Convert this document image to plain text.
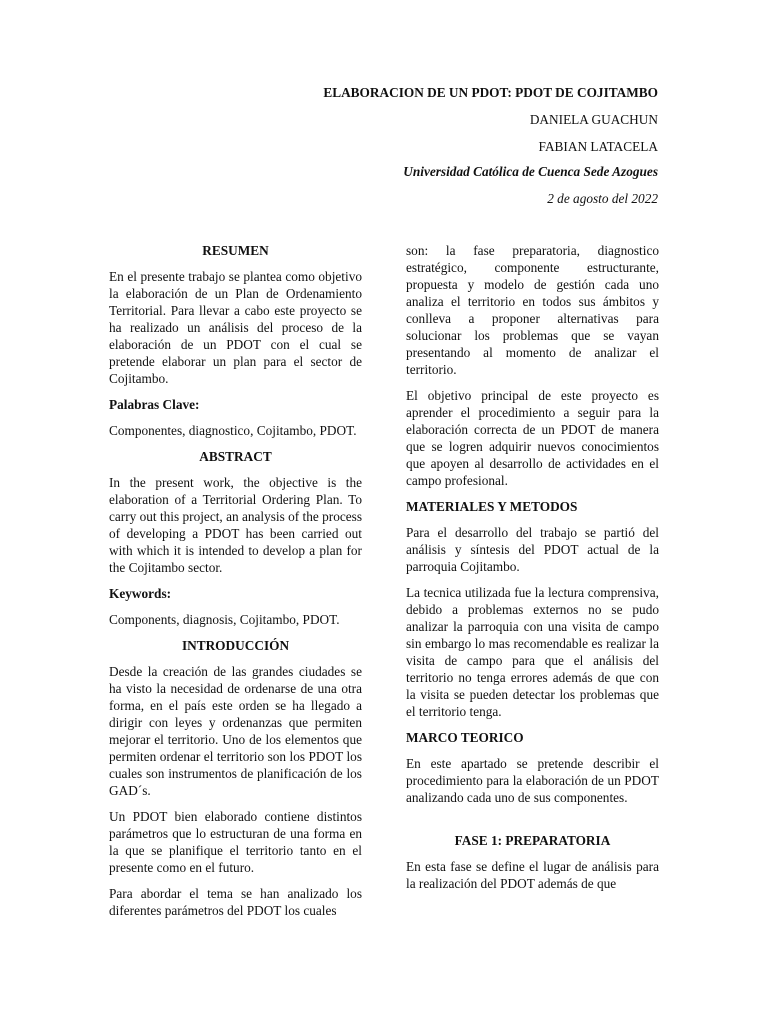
ELABORACION DE UN PDOT: PDOT DE COJITAMBO
DANIELA GUACHUN
FABIAN LATACELA
Universidad Católica de Cuenca Sede Azogues
2 de agosto del 2022

RESUMEN

En el presente trabajo se plantea como objetivo la elaboración de un Plan de Ordenamiento Territorial. Para llevar a cabo este proyecto se ha realizado un análisis del proceso de la elaboración de un PDOT con el cual se pretende elaborar un plan para el sector de Cojitambo.

Palabras Clave:

Componentes, diagnostico, Cojitambo, PDOT.

ABSTRACT

In the present work, the objective is the elaboration of a Territorial Ordering Plan. To carry out this project, an analysis of the process of developing a PDOT has been carried out with which it is intended to develop a plan for the Cojitambo sector.

Keywords:

Components, diagnosis, Cojitambo, PDOT.

INTRODUCCIÓN

Desde la creación de las grandes ciudades se ha visto la necesidad de ordenarse de una otra forma, en el país este orden se ha llegado a dirigir con leyes y ordenanzas que permiten mejorar el territorio. Uno de los elementos que permiten ordenar el territorio son los PDOT los cuales son instrumentos de planificación de los GAD´s.

Un PDOT bien elaborado contiene distintos parámetros que lo estructuran de una forma en la que se planifique el territorio tanto en el presente como en el futuro.

Para abordar el tema se han analizado los diferentes parámetros del PDOT los cuales

son: la fase preparatoria, diagnostico estratégico, componente estructurante, propuesta y modelo de gestión cada uno analiza el territorio en todos sus ámbitos y conlleva a proponer alternativas para solucionar los problemas que se vayan presentando al momento de analizar el territorio.

El objetivo principal de este proyecto es aprender el procedimiento a seguir para la elaboración correcta de un PDOT de manera que se logren adquirir nuevos conocimientos que apoyen al desarrollo de actividades en el campo profesional.

MATERIALES Y METODOS

Para el desarrollo del trabajo se partió del análisis y síntesis del PDOT actual de la parroquia Cojitambo.

La tecnica utilizada fue la lectura comprensiva, debido a problemas externos no se pudo analizar la parroquia con una visita de campo sin embargo lo mas recomendable es realizar la visita de campo para que el análisis del territorio no tenga errores además de que con la visita se pueden detectar los problemas que el territorio tenga.

MARCO TEORICO

En este apartado se pretende describir el procedimiento para la elaboración de un PDOT analizando cada uno de sus componentes.

FASE 1: PREPARATORIA

En esta fase se define el lugar de análisis para la realización del PDOT además de que
